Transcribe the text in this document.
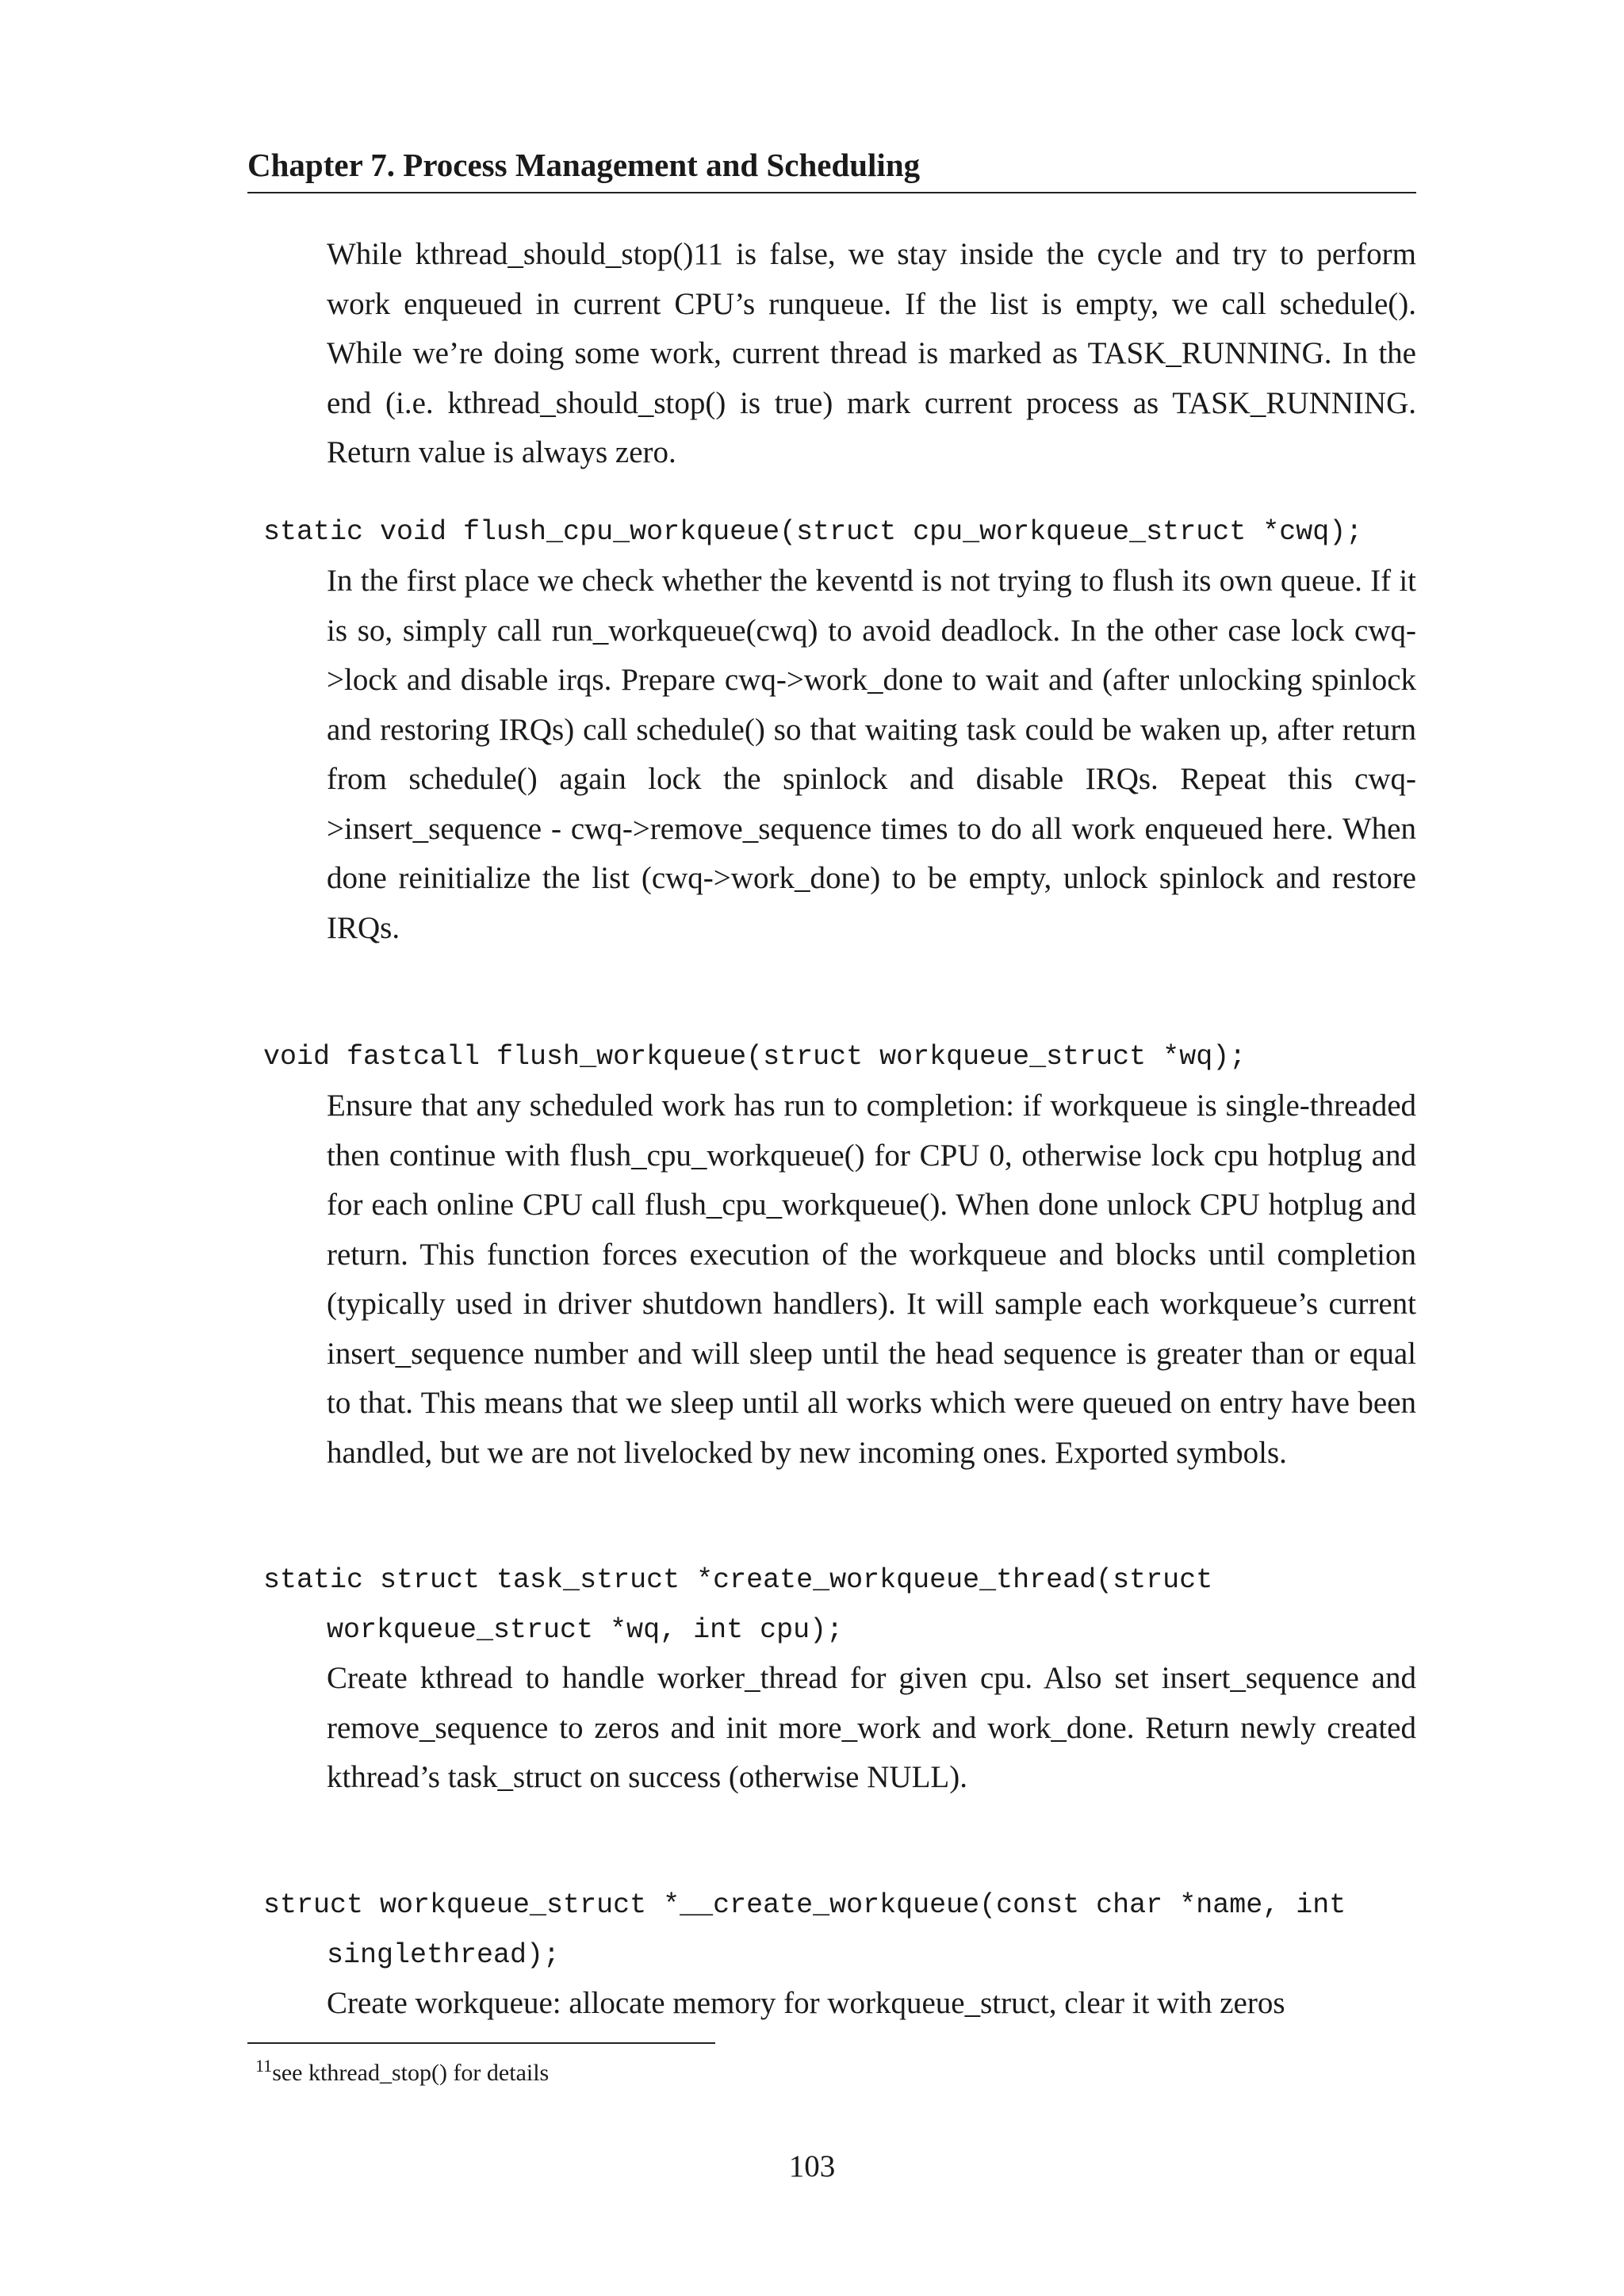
Chapter 7. Process Management and Scheduling
While kthread_should_stop()11 is false, we stay inside the cycle and try to perform work enqueued in current CPU’s runqueue. If the list is empty, we call schedule(). While we’re doing some work, current thread is marked as TASK_RUNNING. In the end (i.e. kthread_should_stop() is true) mark current process as TASK_RUNNING. Return value is always zero.
static void flush_cpu_workqueue(struct cpu_workqueue_struct *cwq);
In the first place we check whether the keventd is not trying to flush its own queue. If it is so, simply call run_workqueue(cwq) to avoid deadlock. In the other case lock cwq->lock and disable irqs. Prepare cwq->work_done to wait and (after unlocking spinlock and restoring IRQs) call schedule() so that waiting task could be waken up, after return from schedule() again lock the spinlock and disable IRQs. Repeat this cwq->insert_sequence - cwq->remove_sequence times to do all work enqueued here. When done reinitialize the list (cwq->work_done) to be empty, unlock spinlock and restore IRQs.
void fastcall flush_workqueue(struct workqueue_struct *wq);
Ensure that any scheduled work has run to completion: if workqueue is single-threaded then continue with flush_cpu_workqueue() for CPU 0, otherwise lock cpu hotplug and for each online CPU call flush_cpu_workqueue(). When done unlock CPU hotplug and return. This function forces execution of the workqueue and blocks until completion (typically used in driver shutdown handlers). It will sample each workqueue’s current insert_sequence number and will sleep until the head sequence is greater than or equal to that. This means that we sleep until all works which were queued on entry have been handled, but we are not livelocked by new incoming ones. Exported symbols.
static struct task_struct *create_workqueue_thread(struct
workqueue_struct *wq, int cpu);
Create kthread to handle worker_thread for given cpu. Also set insert_sequence and remove_sequence to zeros and init more_work and work_done. Return newly created kthread’s task_struct on success (otherwise NULL).
struct workqueue_struct *__create_workqueue(const char *name, int
singlethread);
Create workqueue: allocate memory for workqueue_struct, clear it with zeros
$^{11}$see kthread_stop() for details
103
